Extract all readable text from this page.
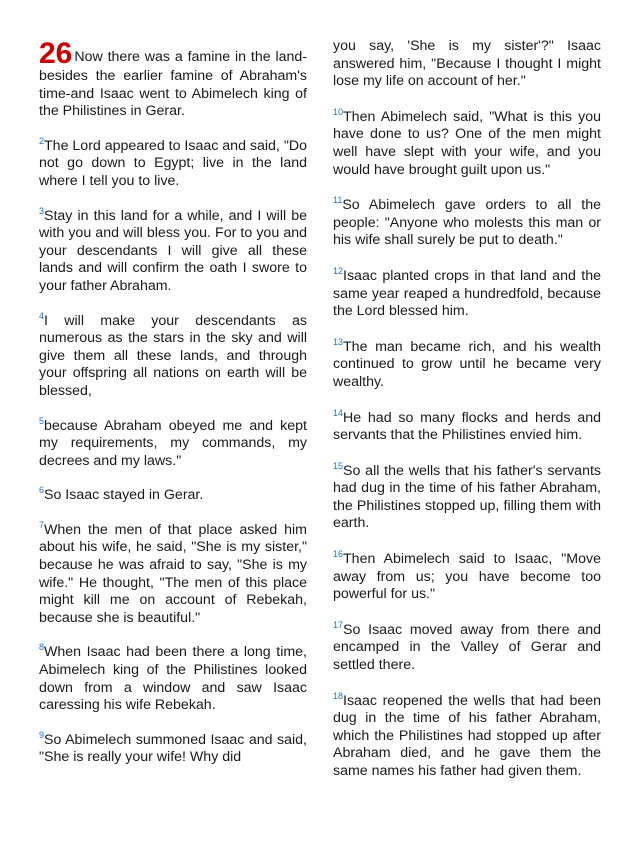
26 Now there was a famine in the land-besides the earlier famine of Abraham's time-and Isaac went to Abimelech king of the Philistines in Gerar.

$^2$The Lord appeared to Isaac and said, "Do not go down to Egypt; live in the land where I tell you to live.

$^3$Stay in this land for a while, and I will be with you and will bless you. For to you and your descendants I will give all these lands and will confirm the oath I swore to your father Abraham.

$^4$I will make your descendants as numerous as the stars in the sky and will give them all these lands, and through your offspring all nations on earth will be blessed,

$^5$because Abraham obeyed me and kept my requirements, my commands, my decrees and my laws."

$^6$So Isaac stayed in Gerar.

$^7$When the men of that place asked him about his wife, he said, "She is my sister," because he was afraid to say, "She is my wife." He thought, "The men of this place might kill me on account of Rebekah, because she is beautiful."

$^8$When Isaac had been there a long time, Abimelech king of the Philistines looked down from a window and saw Isaac caressing his wife Rebekah.

$^9$So Abimelech summoned Isaac and said, "She is really your wife! Why did

you say, 'She is my sister'?" Isaac answered him, "Because I thought I might lose my life on account of her."

$^{10}$Then Abimelech said, "What is this you have done to us? One of the men might well have slept with your wife, and you would have brought guilt upon us."

$^{11}$So Abimelech gave orders to all the people: "Anyone who molests this man or his wife shall surely be put to death."

$^{12}$Isaac planted crops in that land and the same year reaped a hundredfold, because the Lord blessed him.

$^{13}$The man became rich, and his wealth continued to grow until he became very wealthy.

$^{14}$He had so many flocks and herds and servants that the Philistines envied him.

$^{15}$So all the wells that his father's servants had dug in the time of his father Abraham, the Philistines stopped up, filling them with earth.

$^{16}$Then Abimelech said to Isaac, "Move away from us; you have become too powerful for us."

$^{17}$So Isaac moved away from there and encamped in the Valley of Gerar and settled there.

$^{18}$Isaac reopened the wells that had been dug in the time of his father Abraham, which the Philistines had stopped up after Abraham died, and he gave them the same names his father had given them.
